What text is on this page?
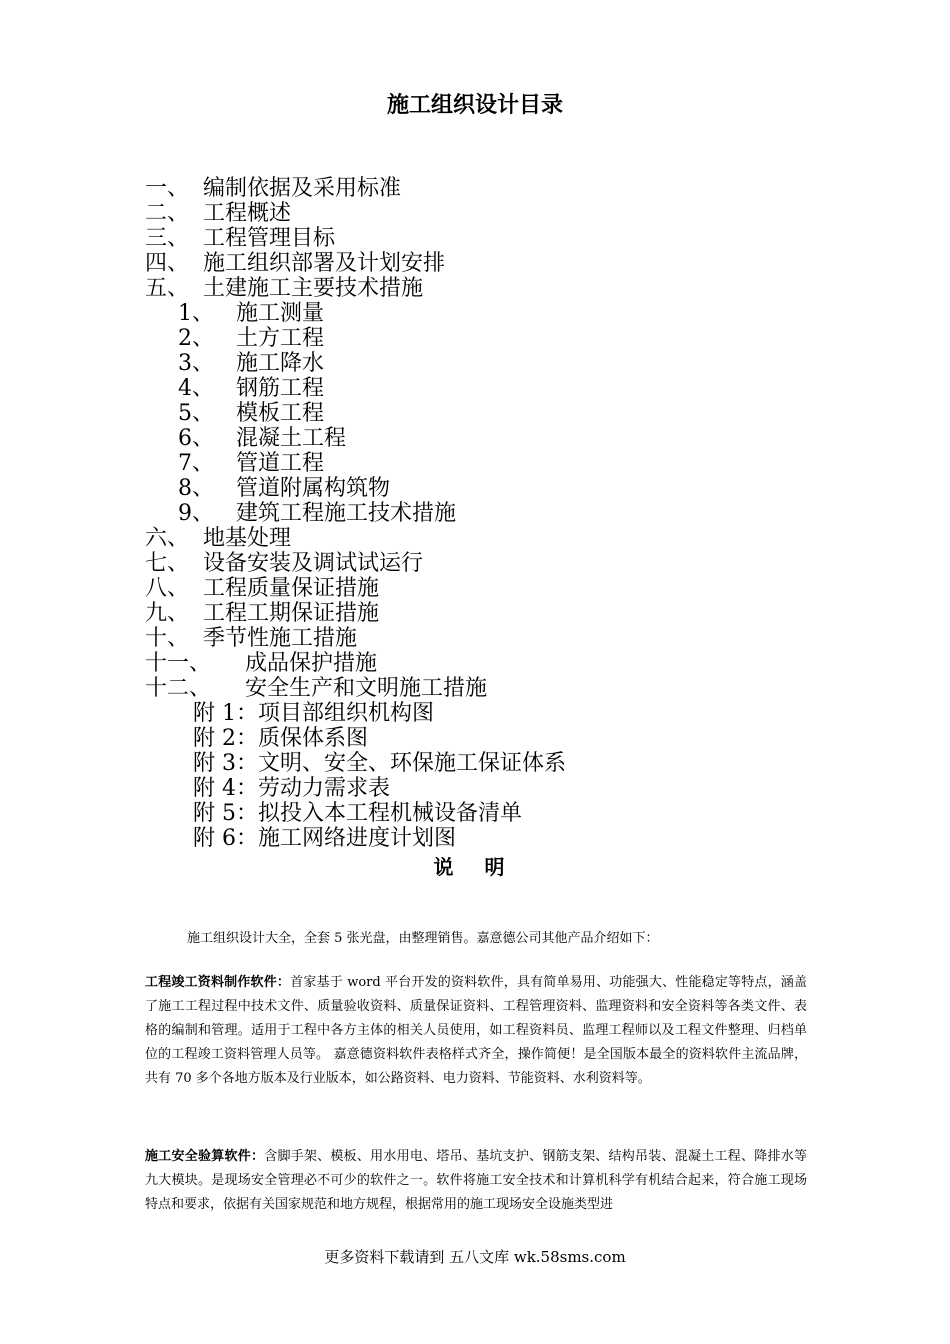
施工组织设计目录
一、 编制依据及采用标准
二、 工程概述
三、 工程管理目标
四、 施工组织部署及计划安排
五、 土建施工主要技术措施
1、 施工测量
2、 土方工程
3、 施工降水
4、 钢筋工程
5、 模板工程
6、 混凝土工程
7、 管道工程
8、 管道附属构筑物
9、 建筑工程施工技术措施
六、 地基处理
七、 设备安装及调试试运行
八、 工程质量保证措施
九、 工程工期保证措施
十、 季节性施工措施
十一、 成品保护措施
十二、 安全生产和文明施工措施
附 1：项目部组织机构图
附 2：质保体系图
附 3：文明、安全、环保施工保证体系
附 4：劳动力需求表
附 5：拟投入本工程机械设备清单
附 6：施工网络进度计划图
说 明
施工组织设计大全，全套 5 张光盘，由整理销售。嘉意德公司其他产品介绍如下：
工程竣工资料制作软件：首家基于 word 平台开发的资料软件，具有简单易用、功能强大、性能稳定等特点，涵盖了施工工程过程中技术文件、质量验收资料、质量保证资料、工程管理资料、监理资料和安全资料等各类文件、表格的编制和管理。适用于工程中各方主体的相关人员使用，如工程资料员、监理工程师以及工程文件整理、归档单位的工程竣工资料管理人员等。 嘉意德资料软件表格样式齐全，操作简便！是全国版本最全的资料软件主流品牌，共有 70 多个各地方版本及行业版本，如公路资料、电力资料、节能资料、水利资料等。
施工安全验算软件：含脚手架、模板、用水用电、塔吊、基坑支护、钢筋支架、结构吊装、混凝土工程、降排水等九大模块。是现场安全管理必不可少的软件之一。软件将施工安全技术和计算机科学有机结合起来，符合施工现场特点和要求，依据有关国家规范和地方规程，根据常用的施工现场安全设施类型进
更多资料下载请到 五八文库 wk.58sms.com
